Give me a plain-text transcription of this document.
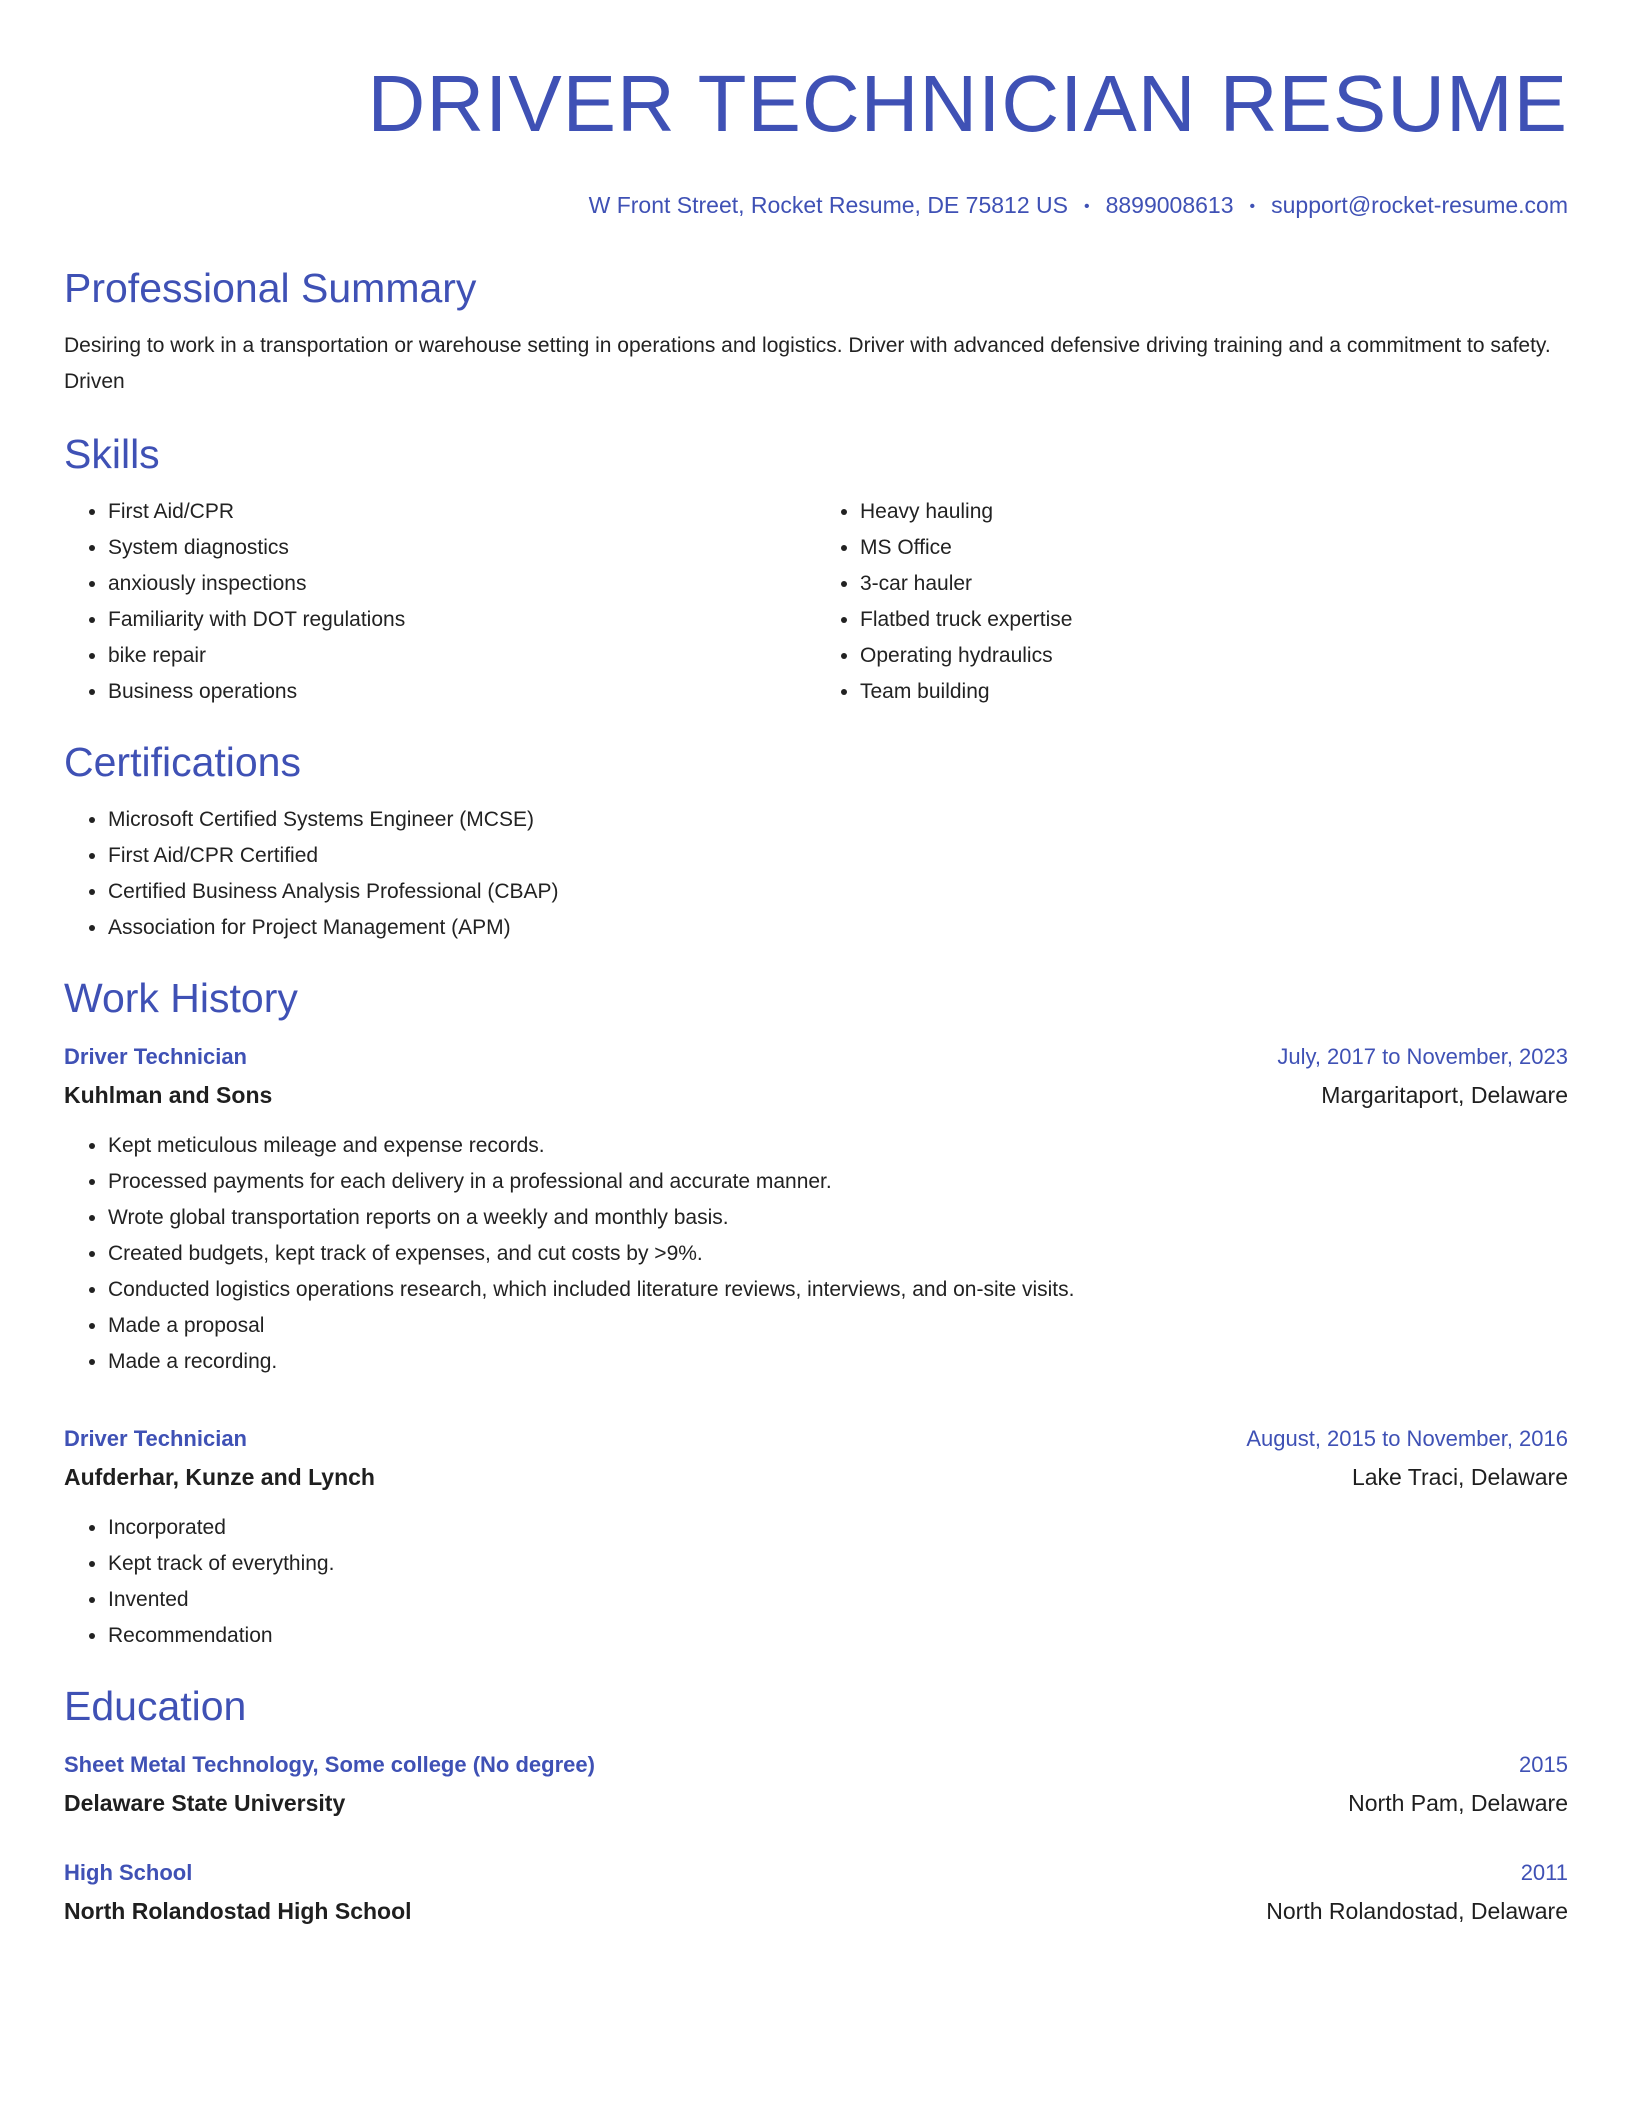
DRIVER TECHNICIAN RESUME
W Front Street, Rocket Resume, DE 75812 US • 8899008613 • support@rocket-resume.com
Professional Summary

Desiring to work in a transportation or warehouse setting in operations and logistics. Driver with advanced defensive driving training and a commitment to safety. Driven

Skills
• First Aid/CPR
• System diagnostics
• anxiously inspections
• Familiarity with DOT regulations
• bike repair
• Business operations
• Heavy hauling
• MS Office
• 3-car hauler
• Flatbed truck expertise
• Operating hydraulics
• Team building
Certifications
• Microsoft Certified Systems Engineer (MCSE)
• First Aid/CPR Certified
• Certified Business Analysis Professional (CBAP)
• Association for Project Management (APM)
Work History
Driver Technician	July, 2017 to November, 2023
Kuhlman and Sons	Margaritaport, Delaware
• Kept meticulous mileage and expense records.
• Processed payments for each delivery in a professional and accurate manner.
• Wrote global transportation reports on a weekly and monthly basis.
• Created budgets, kept track of expenses, and cut costs by >9%.
• Conducted logistics operations research, which included literature reviews, interviews, and on-site visits.
• Made a proposal
• Made a recording.
Driver Technician	August, 2015 to November, 2016
Aufderhar, Kunze and Lynch	Lake Traci, Delaware
• Incorporated
• Kept track of everything.
• Invented
• Recommendation
Education
Sheet Metal Technology, Some college (No degree)	2015
Delaware State University	North Pam, Delaware
High School	2011
North Rolandostad High School	North Rolandostad, Delaware
